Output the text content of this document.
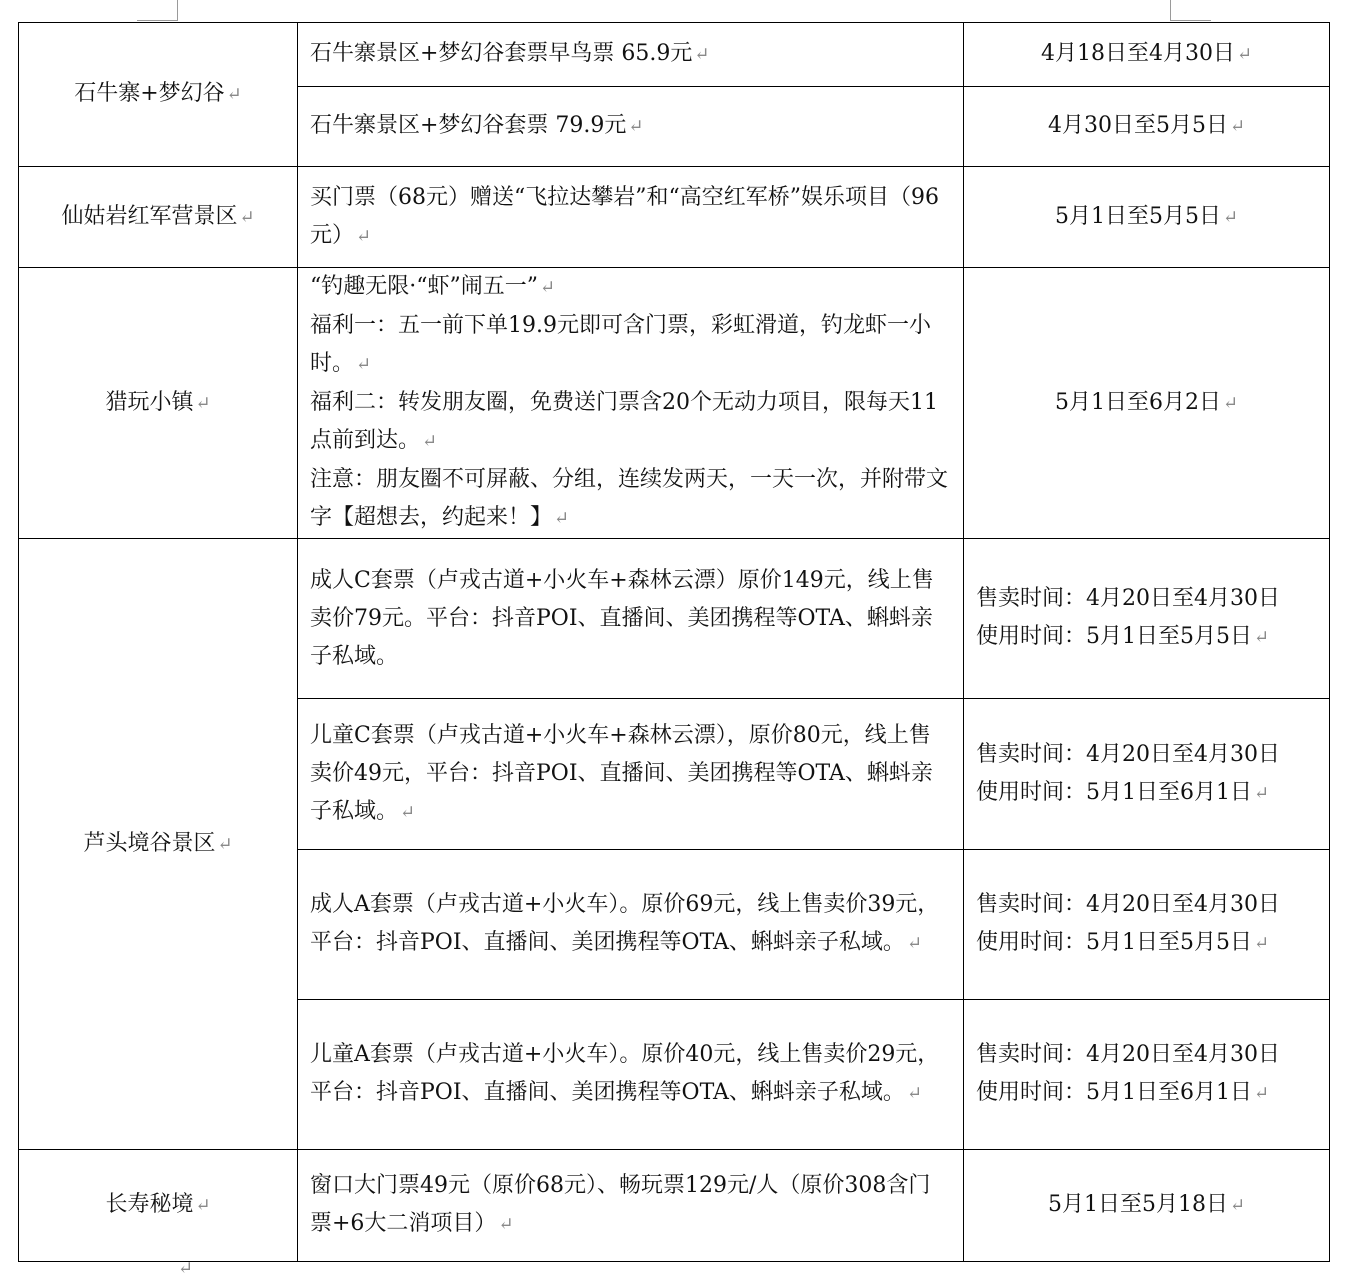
石牛寨+梦幻谷 ↵	石牛寨景区+梦幻谷套票早鸟票 65.9元 ↵	4月18日至4月30日 ↵
	石牛寨景区+梦幻谷套票 79.9元 ↵	4月30日至5月5日 ↵
仙姑岩红军营景区 ↵	买门票（68元）赠送“飞拉达攀岩”和“高空红军桥”娱乐项目（96元） ↵	5月1日至5月5日 ↵
猎玩小镇 ↵	“钓趣无限·“虾”闹五一” ↵
福利一：五一前下单19.9元即可含门票，彩虹滑道，钓龙虾一小时。 ↵
福利二：转发朋友圈，免费送门票含20个无动力项目，限每天11点前到达。 ↵
注意：朋友圈不可屏蔽、分组，连续发两天，一天一次，并附带文字【超想去，约起来！】 ↵	5月1日至6月2日 ↵
芦头境谷景区 ↵	成人C套票（卢戎古道+小火车+森林云漂）原价149元，线上售卖价79元。平台：抖音POI、直播间、美团携程等OTA、蝌蚪亲子私域。	售卖时间：4月20日至4月30日
使用时间：5月1日至5月5日 ↵

	儿童C套票（卢戎古道+小火车+森林云漂），原价80元，线上售卖价49元，平台：抖音POI、直播间、美团携程等OTA、蝌蚪亲子私域。 ↵	售卖时间：4月20日至4月30日
使用时间：5月1日至6月1日 ↵

	成人A套票（卢戎古道+小火车）。原价69元，线上售卖价39元，平台：抖音POI、直播间、美团携程等OTA、蝌蚪亲子私域。 ↵	售卖时间：4月20日至4月30日
使用时间：5月1日至5月5日 ↵

	儿童A套票（卢戎古道+小火车）。原价40元，线上售卖价29元，平台：抖音POI、直播间、美团携程等OTA、蝌蚪亲子私域。 ↵	售卖时间：4月20日至4月30日
使用时间：5月1日至6月1日 ↵

长寿秘境 ↵	窗口大门票49元（原价68元）、畅玩票129元/人（原价308含门票+6大二消项目） ↵	5月1日至5月18日 ↵
↵
